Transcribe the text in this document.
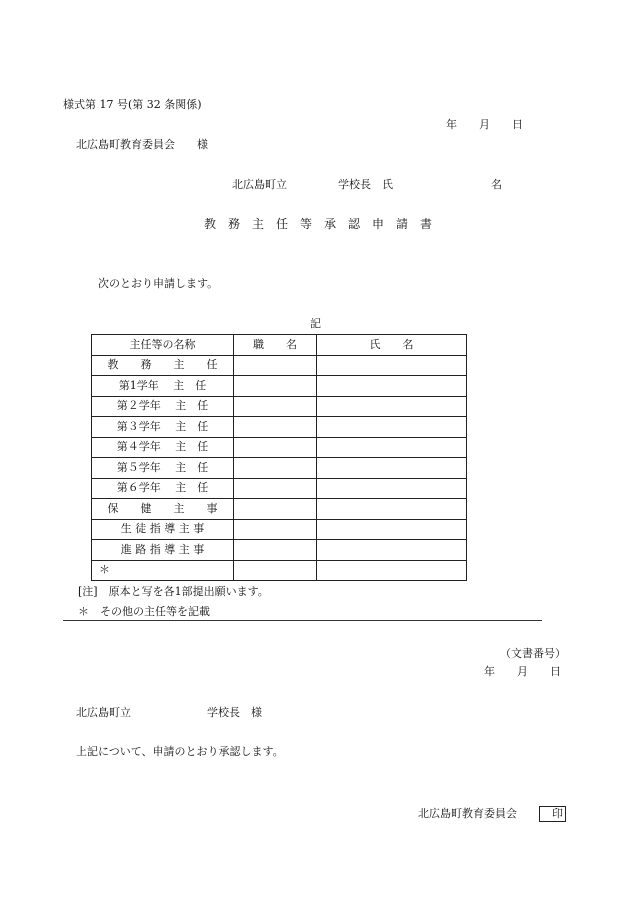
様式第 17 号(第 32 条関係)
年　　月　　日
北広島町教育委員会　　様
北広島町立	学校長　氏	名
教　務　主　任　等　承　認　申　請　書
次のとおり申請します。
記
主任等の名称	職　　名	氏　　名
教　　務　　主　　任		
第1学年　 主　任		
第２学年　 主　任		
第３学年　 主　任		
第４学年　 主　任		
第５学年　 主　任		
第６学年　 主　任		
保　　健　　主　　事		
生 徒 指 導 主 事		
進 路 指 導 主 事		
＊		
[注]　原本と写を各1部提出願います。
＊　その他の主任等を記載
（文書番号）
年　　月　　日
北広島町立	学校長　様
上記について、申請のとおり承認します。
北広島町教育委員会	印
